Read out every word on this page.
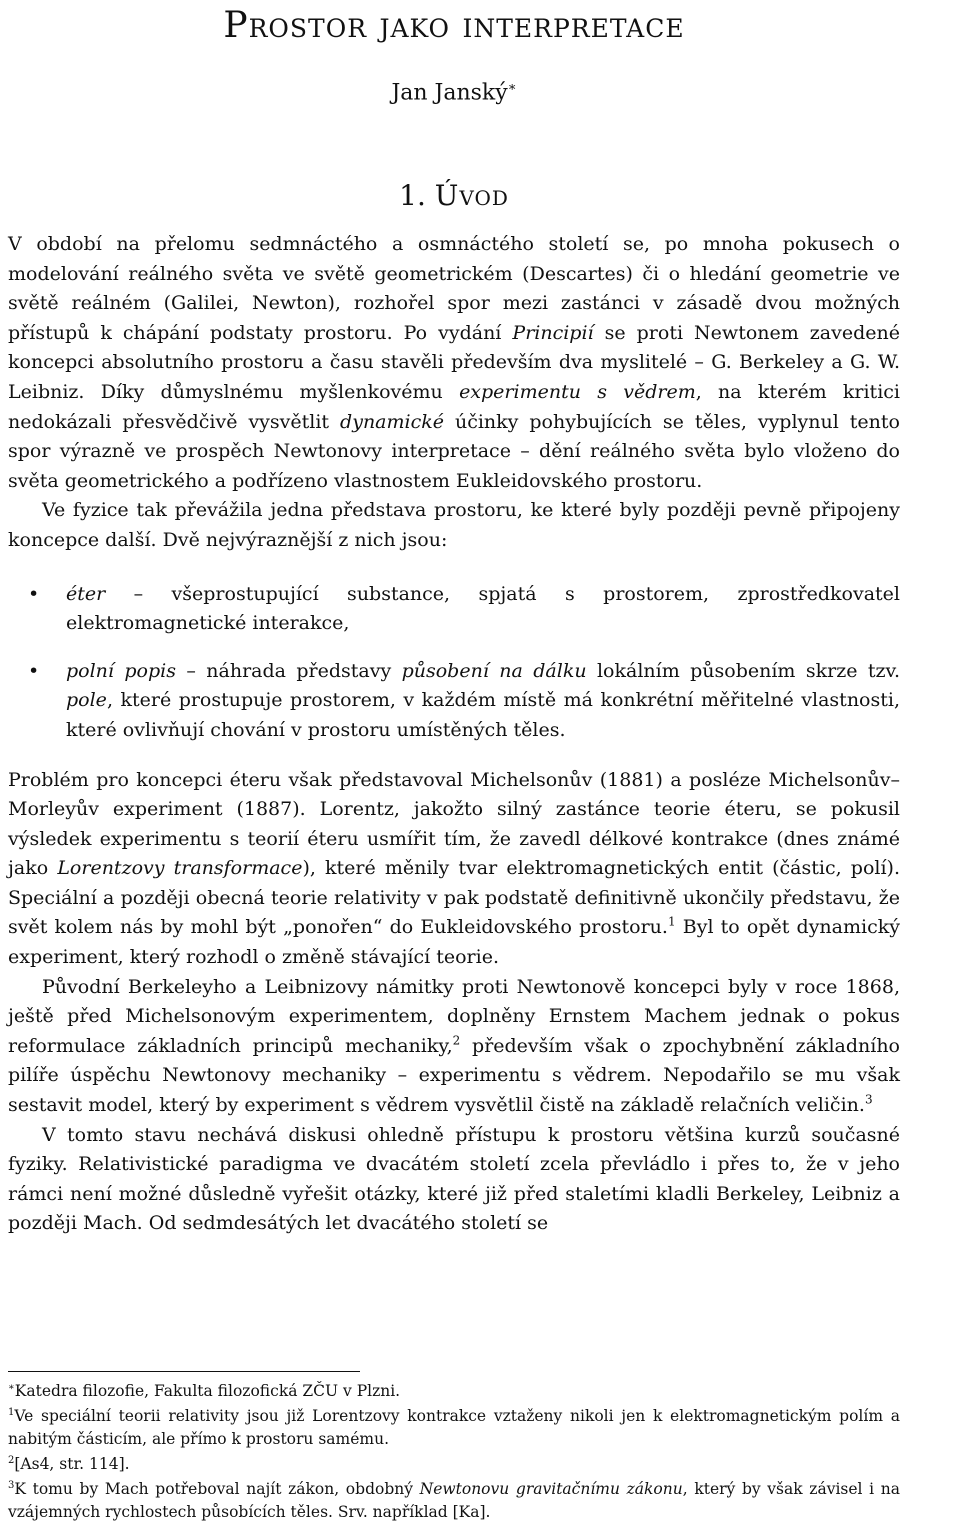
Prostor jako interpretace
Jan Janský∗
1. Úvod

V období na přelomu sedmnáctého a osmnáctého století se, po mnoha pokusech o modelování reálného světa ve světě geometrickém (Descartes) či o hledání geometrie ve světě reálném (Galilei, Newton), rozhořel spor mezi zastánci v zásadě dvou možných přístupů k chápání podstaty prostoru. Po vydání Principií se proti Newtonem zavedené koncepci absolutního prostoru a času stavěli především dva myslitelé – G. Berkeley a G. W. Leibniz. Díky důmyslnému myšlenkovému experimentu s vědrem, na kterém kritici nedokázali přesvědčivě vysvětlit dynamické účinky pohybujících se těles, vyplynul tento spor výrazně ve prospěch Newtonovy interpretace – dění reálného světa bylo vloženo do světa geometrického a podřízeno vlastnostem Eukleidovského prostoru.

Ve fyzice tak převážila jedna představa prostoru, ke které byly později pevně připojeny koncepce další. Dvě nejvýraznější z nich jsou:

• éter – všeprostupující substance, spjatá s prostorem, zprostředkovatel elektromagnetické interakce,
• polní popis – náhrada představy působení na dálku lokálním působením skrze tzv. pole, které prostupuje prostorem, v každém místě má konkrétní měřitelné vlastnosti, které ovlivňují chování v prostoru umístěných těles.

Problém pro koncepci éteru však představoval Michelsonův (1881) a posléze Michelsonův–Morleyův experiment (1887). Lorentz, jakožto silný zastánce teorie éteru, se pokusil výsledek experimentu s teorií éteru usmířit tím, že zavedl délkové kontrakce (dnes známé jako Lorentzovy transformace), které měnily tvar elektromagnetických entit (částic, polí). Speciální a později obecná teorie relativity v pak podstatě definitivně ukončily představu, že svět kolem nás by mohl být „ponořen“ do Eukleidovského prostoru.$^1$ Byl to opět dynamický experiment, který rozhodl o změně stávající teorie.

Původní Berkeleyho a Leibnizovy námitky proti Newtonově koncepci byly v roce 1868, ještě před Michelsonovým experimentem, doplněny Ernstem Machem jednak o pokus reformulace základních principů mechaniky,$^2$ především však o zpochybnění základního pilíře úspěchu Newtonovy mechaniky – experimentu s vědrem. Nepodařilo se mu však sestavit model, který by experiment s vědrem vysvětlil čistě na základě relačních veličin.$^3$

V tomto stavu nechává diskusi ohledně přístupu k prostoru většina kurzů současné fyziky. Relativistické paradigma ve dvacátém století zcela převládlo i přes to, že v jeho rámci není možné důsledně vyřešit otázky, které již před staletími kladli Berkeley, Leibniz a později Mach. Od sedmdesátých let dvacátého století se

∗Katedra filozofie, Fakulta filozofická ZČU v Plzni.

$^1$Ve speciální teorii relativity jsou již Lorentzovy kontrakce vztaženy nikoli jen k elektromagnetickým polím a nabitým částicím, ale přímo k prostoru samému.

$^2$[As4, str. 114].

$^3$K tomu by Mach potřeboval najít zákon, obdobný Newtonovu gravitačnímu zákonu, který by však závisel i na vzájemných rychlostech působících těles. Srv. například [Ka].
